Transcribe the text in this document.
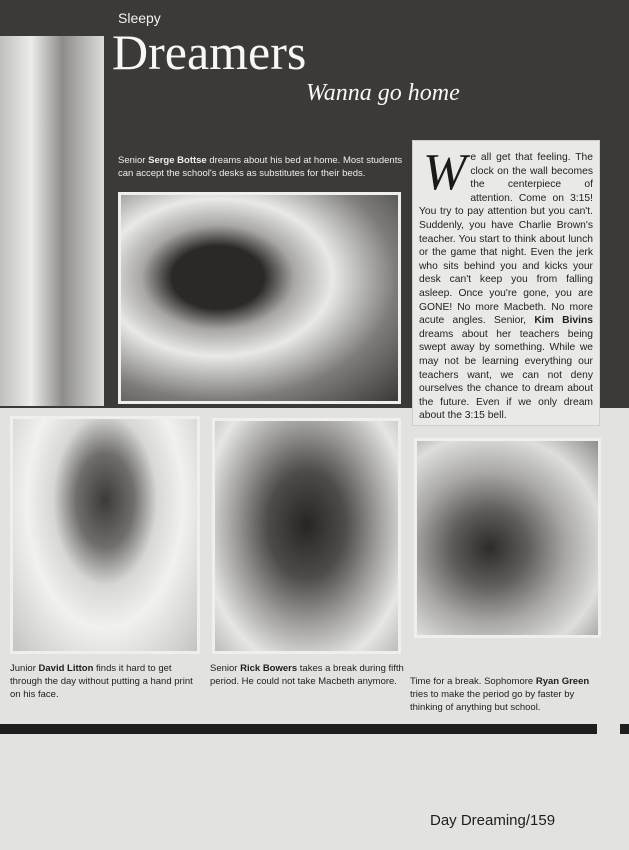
Sleepy
Dreamers
Wanna go home
Senior Serge Bottse dreams about his bed at home. Most students can accept the school's desks as substitutes for their beds.	We all get that feeling. The clock on the wall becomes the centerpiece of attention. Come on 3:15! You try to pay attention but you can't. Suddenly, you have Charlie Brown's teacher. You start to think about lunch or the game that night. Even the jerk who sits behind you and kicks your desk can't keep you from falling asleep. Once you're gone, you are GONE! No more Macbeth. No more acute angles. Senior, Kim Bivins dreams about her teachers being swept away by something. While we may not be learning everything our teachers want, we can not deny ourselves the chance to dream about the future. Even if we only dream about the 3:15 bell.
Junior David Litton finds it hard to get through the day without putting a hand print on his face.
Senior Rick Bowers takes a break during fifth period. He could not take Macbeth anymore.	Time for a break. Sophomore Ryan Green tries to make the period go by faster by thinking of anything but school.
Day Dreaming/159
